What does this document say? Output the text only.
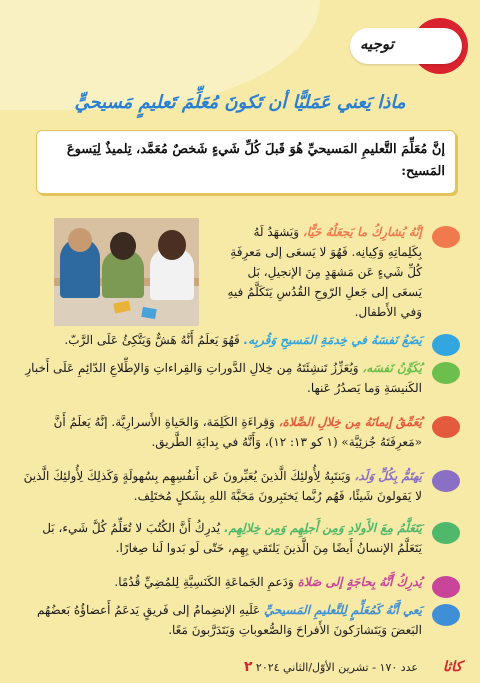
توجيه
ماذا يَعني عَمَليًّا أن تَكونَ مُعَلِّمَ تَعليمٍ مَسيحيٍّ
إنَّ مُعَلِّمَ التَّعليمِ المَسيحيِّ هُوَ قَبلَ كُلِّ شَيءٍ شَخصٌ مُعَمَّد، تِلميذٌ لِيَسوعَ المَسيح:
إنَّهُ يُشارِكُ ما يَجعَلُهُ حَيًّا، وَيَشهَدُ لَهُ بِكَلِماتِهِ وَكِيانِه. فَهُوَ لا يَسعَى إلى مَعرِفَةِ كُلِّ شَيءٍ عَن مَشهَدٍ مِنَ الإنجيلِ، بَل يَسعَى إلى جَعلِ الرّوحِ القُدُسِ يَتَكَلَّمُ فيهِ وَفي الأَطفال.
يَضَعُ نَفسَهُ في خِدمَةِ المَسيحِ وَقُربِه. فَهُوَ يَعلَمُ أَنَّهُ هَشٌّ وَيَتَّكِئُ عَلَى الرَّبّ.
يُكَوِّنُ نَفسَه، وَيُعَزِّزُ تَنشِئَتَهُ مِن خِلالِ الدَّوراتِ وَالقِراءاتِ وَالإطِّلاعِ الدّائِمِ عَلَى أَخبارِ الكَنيسَةِ وَما يَصدُرُ عَنها.
يُعَمِّقُ إيمانَهُ مِن خِلالِ الصَّلاة، وَقِراءَةِ الكَلِمَة، وَالحَياةِ الأَسرارِيَّة. إنَّهُ يَعلَمُ أَنَّ «مَعرِفَتَهُ جُزئِيَّة» (١ كو ١٣: ١٢)، وَأَنَّهُ في بِدايَةِ الطَّريق.
يَهتَمُّ بِكُلِّ وَلَد، وَيَنتَبِهُ لِأُولئِكَ الَّذينَ يُعَبِّرونَ عَن أَنفُسِهِم بِسُهولَةٍ وَكَذلِكَ لِأُولئِكَ الَّذينَ لا يَقولونَ شَيئًا، فَهُم رُبَّما يَختَبِرونَ مَحَبَّةَ اللهِ بِشَكلٍ مُختَلِف.
يَتَعَلَّمُ مِعَ الأَولادِ وَمِن أَجلِهِم وَمِن خِلالِهِم. يُدرِكُ أَنَّ الكُتُبَ لا تُعَلِّمُ كُلَّ شَيء، بَل يَتَعَلَّمُ الإنسانُ أَيضًا مِنَ الَّذينَ يَلتَقي بِهِم، حَتّى لَو بَدوا لَنا صِغارًا.
يُدرِكُ أَنَّهُ بِحاجَةٍ إلى صَلاة وَدَعمِ الجَماعَةِ الكَنَسِيَّةِ لِلمُضِيِّ قُدُمًا.
يَعي أَنَّهُ كَمُعَلِّمٍ لِلتَّعليمِ المَسيحيِّ عَلَيهِ الإنضِمامُ إلى فَريقٍ يَدعَمُ أَعضاؤُهُ بَعضُهُم البَعضَ وَيَتَشارَكونَ الأَفراحَ وَالصُّعوباتِ وَيَتَدَرَّبونَ مَعًا.
كاثا
عدد ١٧٠ - تشرين الأوّل/الثاني ٢٠٢٤
٢
